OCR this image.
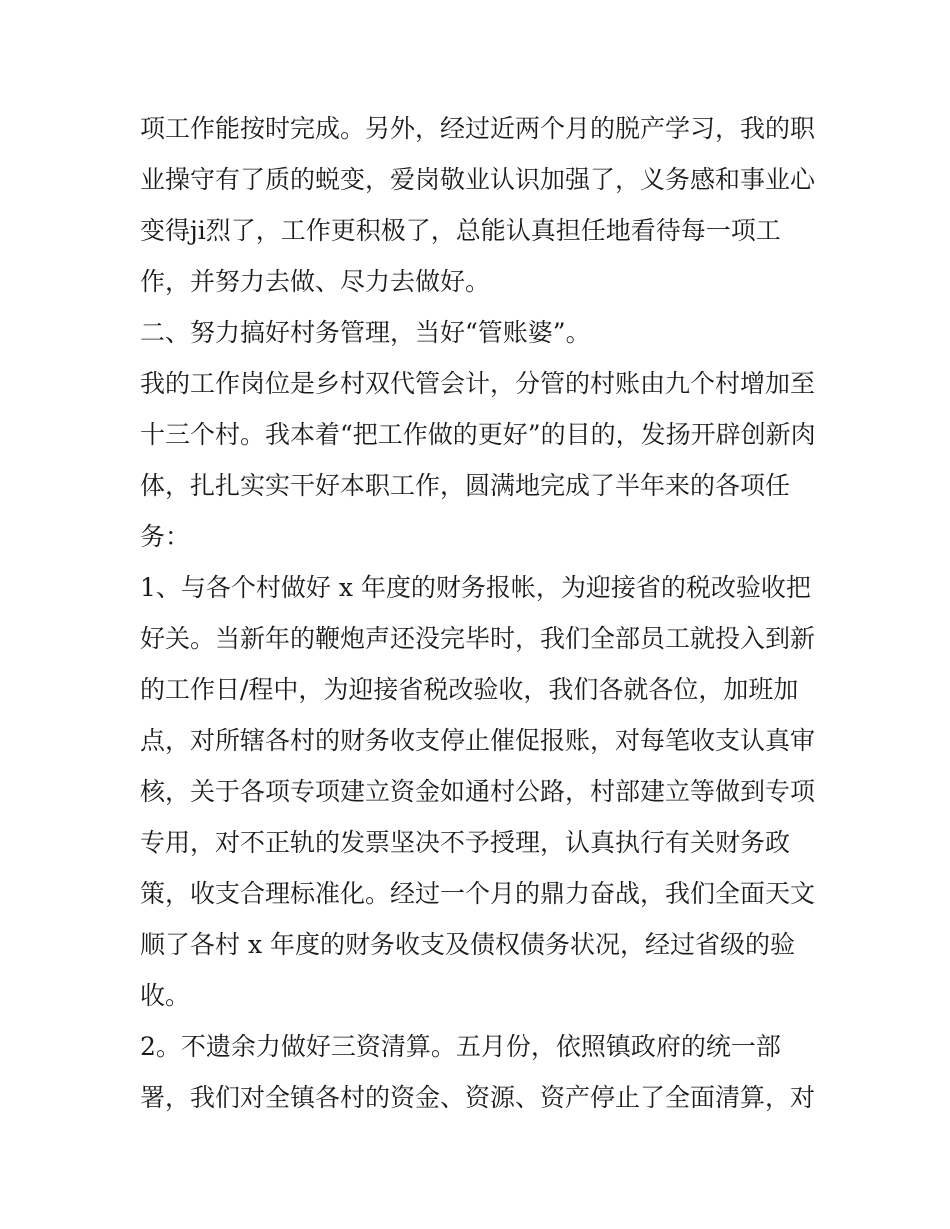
项工作能按时完成。另外，经过近两个月的脱产学习，我的职
业操守有了质的蜕变，爱岗敬业认识加强了，义务感和事业心
变得ji烈了，工作更积极了，总能认真担任地看待每一项工
作，并努力去做、尽力去做好。
二、努力搞好村务管理，当好“管账婆”。
我的工作岗位是乡村双代管会计，分管的村账由九个村增加至
十三个村。我本着“把工作做的更好”的目的，发扬开辟创新肉
体，扎扎实实干好本职工作，圆满地完成了半年来的各项任
务：
1、与各个村做好 x 年度的财务报帐，为迎接省的税改验收把
好关。当新年的鞭炮声还没完毕时，我们全部员工就投入到新
的工作日/程中，为迎接省税改验收，我们各就各位，加班加
点，对所辖各村的财务收支停止催促报账，对每笔收支认真审
核，关于各项专项建立资金如通村公路，村部建立等做到专项
专用，对不正轨的发票坚决不予授理，认真执行有关财务政
策，收支合理标准化。经过一个月的鼎力奋战，我们全面天文
顺了各村 x 年度的财务收支及债权债务状况，经过省级的验
收。
2。不遗余力做好三资清算。五月份，依照镇政府的统一部
署，我们对全镇各村的资金、资源、资产停止了全面清算，对
